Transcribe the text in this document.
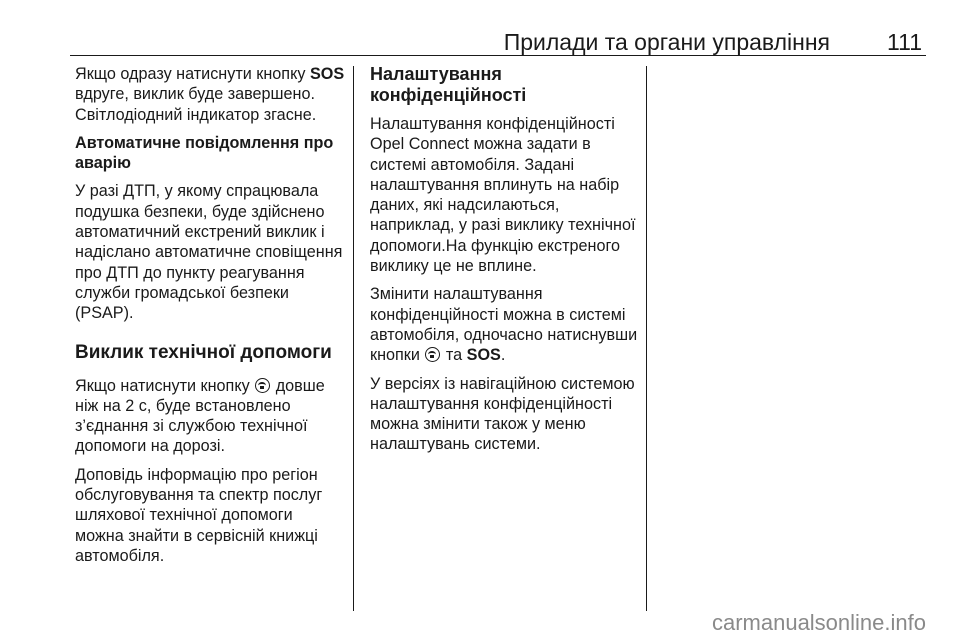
Прилади та органи управління 111

Якщо одразу натиснути кнопку SOS вдруге, виклик буде завершено. Світлодіодний індикатор згасне.

Автоматичне повідомлення про аварію

У разі ДТП, у якому спрацювала подушка безпеки, буде здійснено автоматичний екстрений виклик і надіслано автоматичне сповіщення про ДТП до пункту реагування служби громадської безпеки (PSAP).

Виклик технічної допомоги

Якщо натиснути кнопку довше ніж на 2 с, буде встановлено з’єднання зі службою технічної допомоги на дорозі.

Доповідь інформацію про регіон обслуговування та спектр послуг шляхової технічної допомоги можна знайти в сервісній книжці автомобіля.

Налаштування конфіденційності

Налаштування конфіденційності Opel Connect можна задати в системі автомобіля. Задані налаштування вплинуть на набір даних, які надсилаються, наприклад, у разі виклику технічної допомоги.На функцію екстреного виклику це не вплине.

Змінити налаштування конфіденційності можна в системі автомобіля, одночасно натиснувши кнопки та SOS.

У версіях із навігаційною системою налаштування конфіденційності можна змінити також у меню налаштувань системи.

carmanualsonline.info
